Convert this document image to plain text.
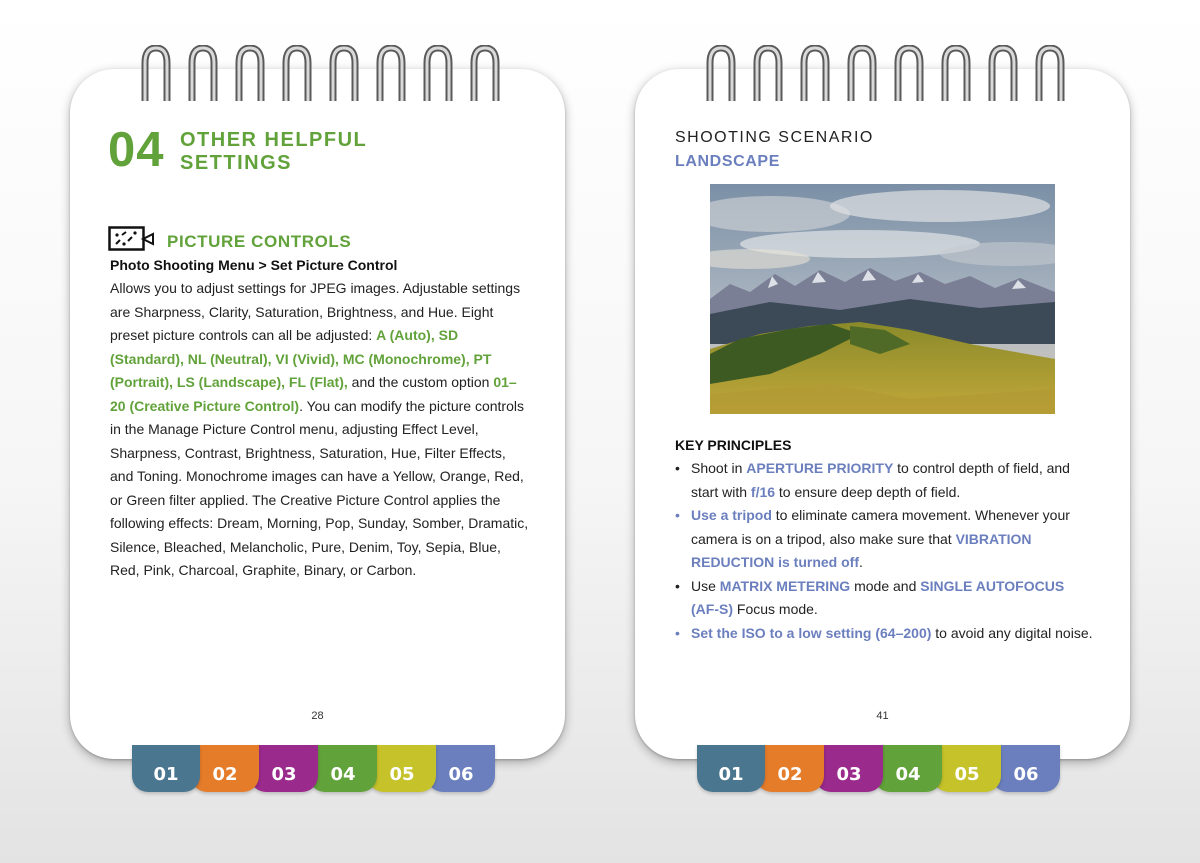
01	02	03	04	05	06
04 OTHER HELPFUL SETTINGS
PICTURE CONTROLS
Photo Shooting Menu > Set Picture Control
Allows you to adjust settings for JPEG images. Adjustable settings are Sharpness, Clarity, Saturation, Brightness, and Hue. Eight preset picture controls can all be adjusted: A (Auto), SD (Standard), NL (Neutral), VI (Vivid), MC (Monochrome), PT (Portrait), LS (Landscape), FL (Flat), and the custom option 01–20 (Creative Picture Control). You can modify the picture controls in the Manage Picture Control menu, adjusting Effect Level, Sharpness, Contrast, Brightness, Saturation, Hue, Filter Effects, and Toning. Monochrome images can have a Yellow, Orange, Red, or Green filter applied. The Creative Picture Control applies the following effects: Dream, Morning, Pop, Sunday, Somber, Dramatic, Silence, Bleached, Melancholic, Pure, Denim, Toy, Sepia, Blue, Red, Pink, Charcoal, Graphite, Binary, or Carbon.
28
01	02	03	04	05	06
SHOOTING SCENARIO
LANDSCAPE
KEY PRINCIPLES
• Shoot in APERTURE PRIORITY to control depth of field, and start with f/16 to ensure deep depth of field.
• Use a tripod to eliminate camera movement. Whenever your camera is on a tripod, also make sure that VIBRATION REDUCTION is turned off.
• Use MATRIX METERING mode and SINGLE AUTOFOCUS (AF-S) Focus mode.
• Set the ISO to a low setting (64–200) to avoid any digital noise.
41
